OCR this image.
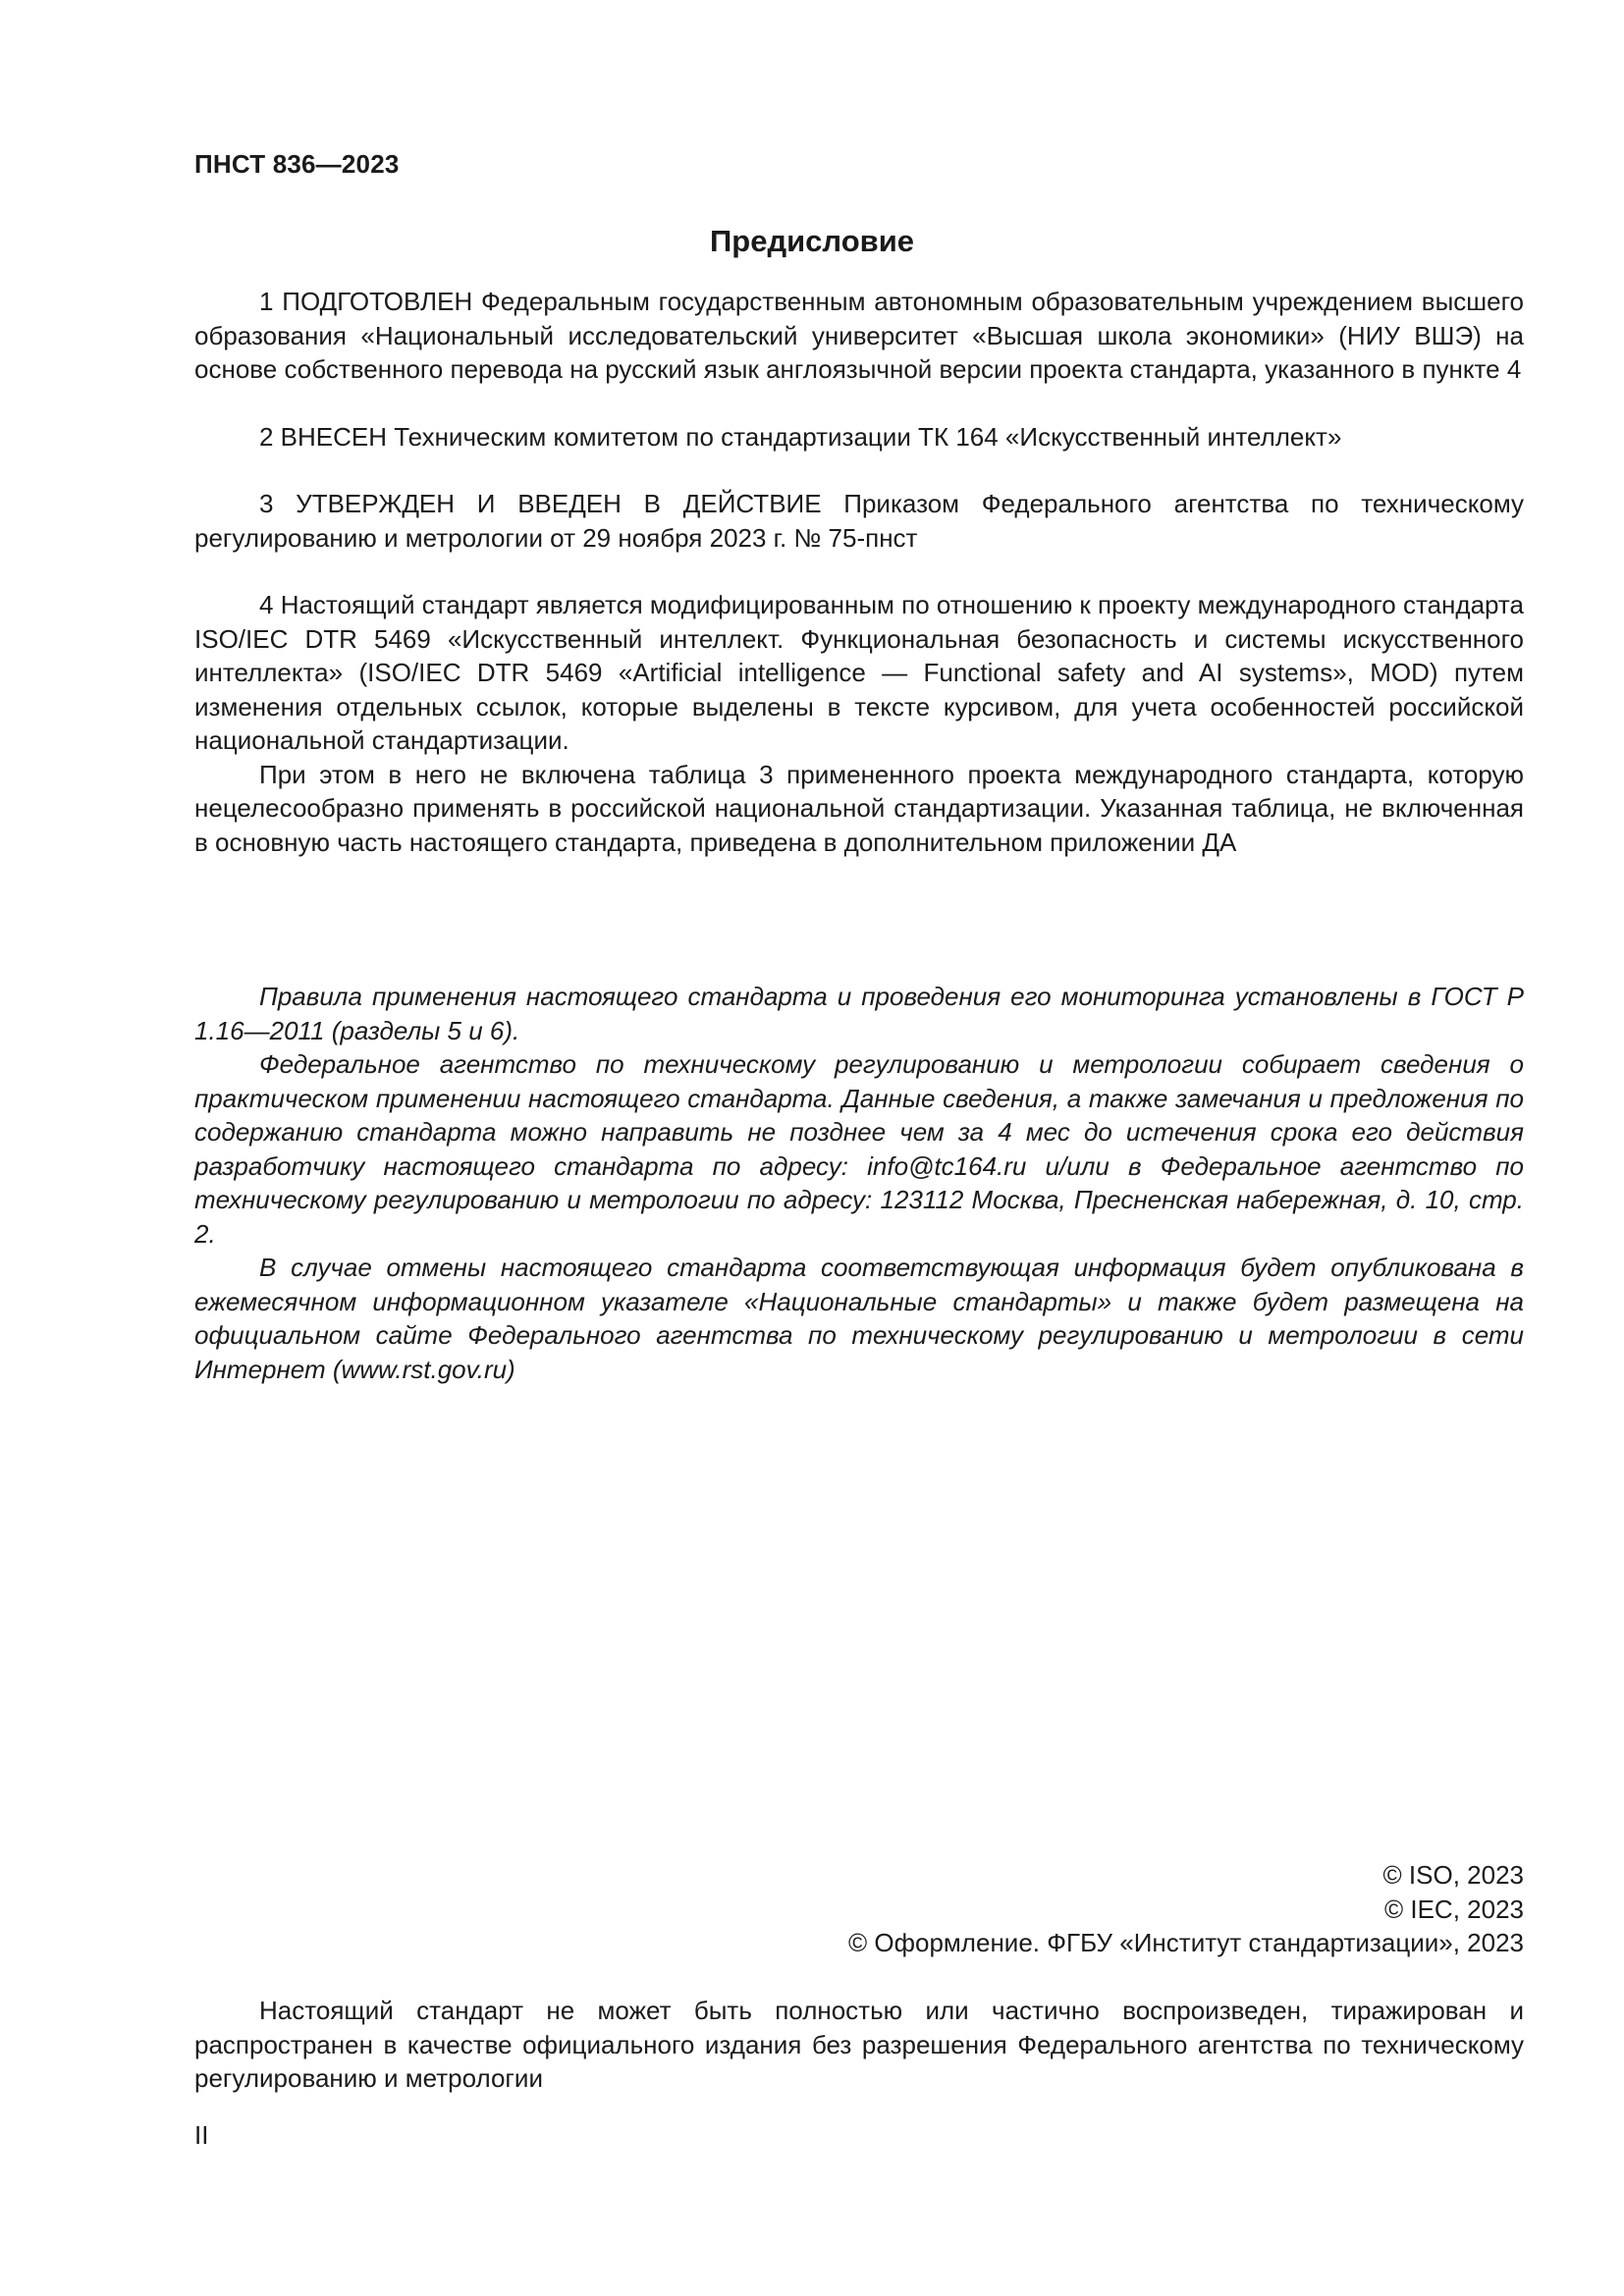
ПНСТ 836—2023
Предисловие

1 ПОДГОТОВЛЕН Федеральным государственным автономным образовательным учреждением высшего образования «Национальный исследовательский университет «Высшая школа экономики» (НИУ ВШЭ) на основе собственного перевода на русский язык англоязычной версии проекта стандарта, указанного в пункте 4

2 ВНЕСЕН Техническим комитетом по стандартизации ТК 164 «Искусственный интеллект»

3 УТВЕРЖДЕН И ВВЕДЕН В ДЕЙСТВИЕ Приказом Федерального агентства по техническому регулированию и метрологии от 29 ноября 2023 г. № 75-пнст

4 Настоящий стандарт является модифицированным по отношению к проекту международного стандарта ISO/IEC DTR 5469 «Искусственный интеллект. Функциональная безопасность и системы искусственного интеллекта» (ISO/IEC DTR 5469 «Artificial intelligence — Functional safety and AI systems», MOD) путем изменения отдельных ссылок, которые выделены в тексте курсивом, для учета особенностей российской национальной стандартизации.

При этом в него не включена таблица 3 примененного проекта международного стандарта, которую нецелесообразно применять в российской национальной стандартизации. Указанная таблица, не включенная в основную часть настоящего стандарта, приведена в дополнительном приложении ДА

Правила применения настоящего стандарта и проведения его мониторинга установлены в ГОСТ Р 1.16—2011 (разделы 5 и 6).

Федеральное агентство по техническому регулированию и метрологии собирает сведения о практическом применении настоящего стандарта. Данные сведения, а также замечания и предложения по содержанию стандарта можно направить не позднее чем за 4 мес до истечения срока его действия разработчику настоящего стандарта по адресу: info@tc164.ru и/или в Федеральное агентство по техническому регулированию и метрологии по адресу: 123112 Москва, Пресненская набережная, д. 10, стр. 2.

В случае отмены настоящего стандарта соответствующая информация будет опубликована в ежемесячном информационном указателе «Национальные стандарты» и также будет размещена на официальном сайте Федерального агентства по техническому регулированию и метрологии в сети Интернет (www.rst.gov.ru)

© ISO, 2023
© IEC, 2023
© Оформление. ФГБУ «Институт стандартизации», 2023

Настоящий стандарт не может быть полностью или частично воспроизведен, тиражирован и распространен в качестве официального издания без разрешения Федерального агентства по техническому регулированию и метрологии

II
